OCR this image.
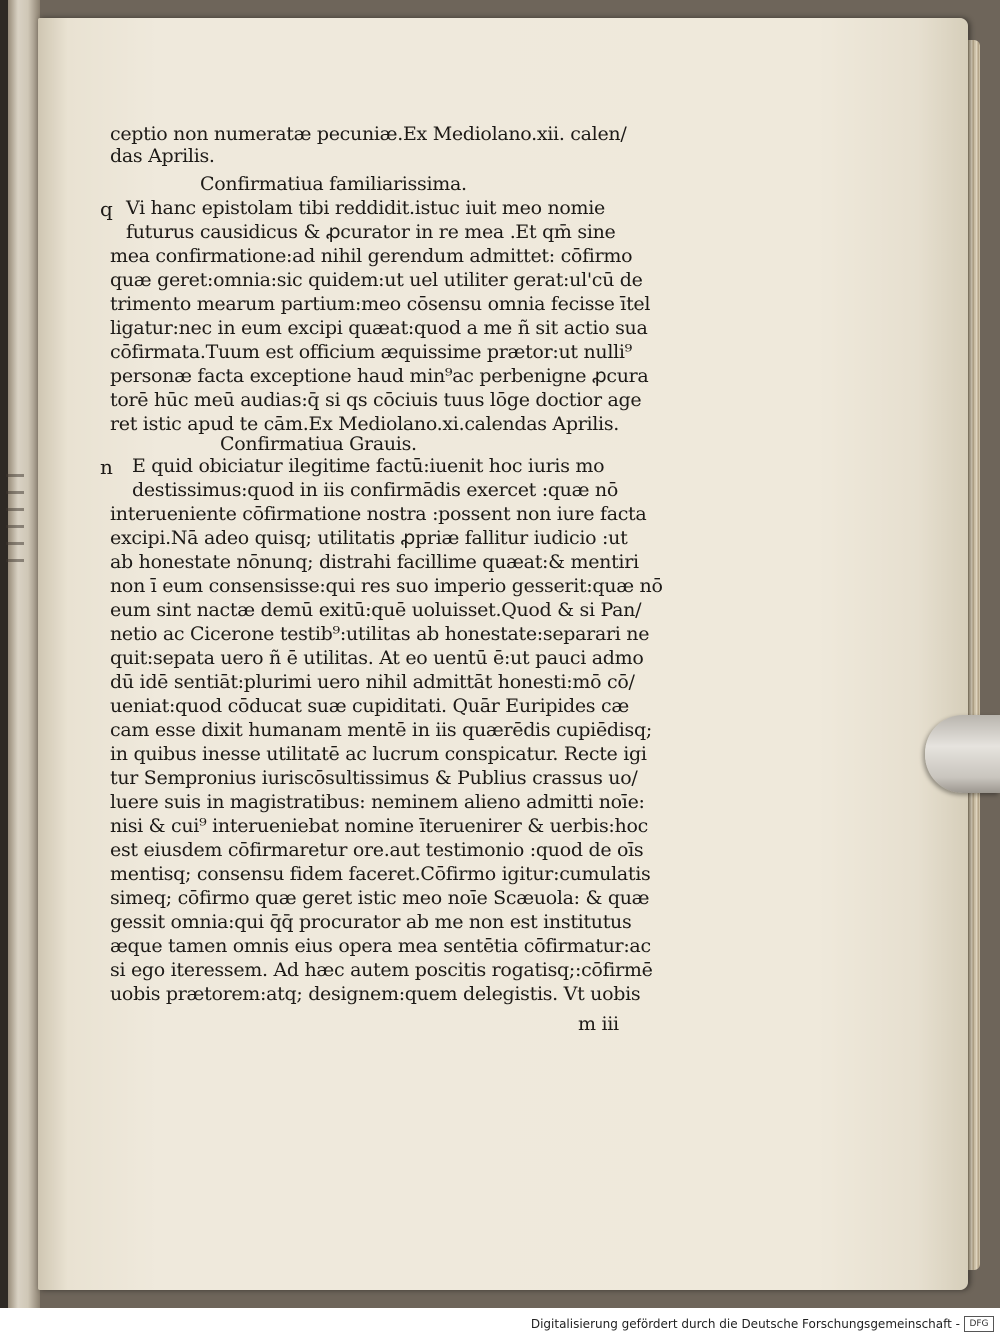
ceptio non numeratæ pecuniæ.Ex Mediolano.xii. calen/
das Aprilis.
Confirmatiua familiarissima.
q Vi hanc epistolam tibi reddidit.istuc iuit meo nomie
futurus causidicus & ꝓcurator in re mea .Et qm̄ sine
mea confirmatione:ad nihil gerendum admittet: cōfirmo
quæ geret:omnia:sic quidem:ut uel utiliter gerat:ul'cū de
trimento mearum partium:meo cōsensu omnia fecisse ītel
ligatur:nec in eum excipi quæat:quod a me ñ sit actio sua
cōfirmata.Tuum est officium æquissime prætor:ut nulli⁹
personæ facta exceptione haud min⁹ac perbenigne ꝓcura
torē hūc meū audias:q̄ si qs cōciuis tuus lōge doctior age
ret istic apud te cām.Ex Mediolano.xi.calendas Aprilis.
Confirmatiua Grauis.
n E quid obiciatur ilegitime factū:iuenit hoc iuris mo
destissimus:quod in iis confirmādis exercet :quæ nō
interueniente cōfirmatione nostra :possent non iure facta
excipi.Nā adeo quisq; utilitatis ꝓpriæ fallitur iudicio :ut
ab honestate nōnunq; distrahi facillime quæat:& mentiri
non ī eum consensisse:qui res suo imperio gesserit:quæ nō
eum sint nactæ demū exitū:quē uoluisset.Quod & si Pan/
netio ac Cicerone testib⁹:utilitas ab honestate:separari ne
quit:sepata uero ñ ē utilitas. At eo uentū ē:ut pauci admo
dū idē sentiāt:plurimi uero nihil admittāt honesti:mō cō/
ueniat:quod cōducat suæ cupiditati. Quār Euripides cæ
cam esse dixit humanam mentē in iis quærēdis cupiēdisq;
in quibus inesse utilitatē ac lucrum conspicatur. Recte igi
tur Sempronius iuriscōsultissimus & Publius crassus uo/
luere suis in magistratibus: neminem alieno admitti noīe:
nisi & cui⁹ interueniebat nomine īteruenirer & uerbis:hoc
est eiusdem cōfirmaretur ore.aut testimonio :quod de oīs
mentisq; consensu fidem faceret.Cōfirmo igitur:cumulatis
simeq; cōfirmo quæ geret istic meo noīe Scæuola: & quæ
gessit omnia:qui q̄q̄ procurator ab me non est institutus
æque tamen omnis eius opera mea sentētia cōfirmatur:ac
si ego iteressem. Ad hæc autem poscitis rogatisq;:cōfirmē
uobis prætorem:atq; designem:quem delegistis. Vt uobis
m iii
Digitalisierung gefördert durch die Deutsche Forschungsgemeinschaft -	DFG
